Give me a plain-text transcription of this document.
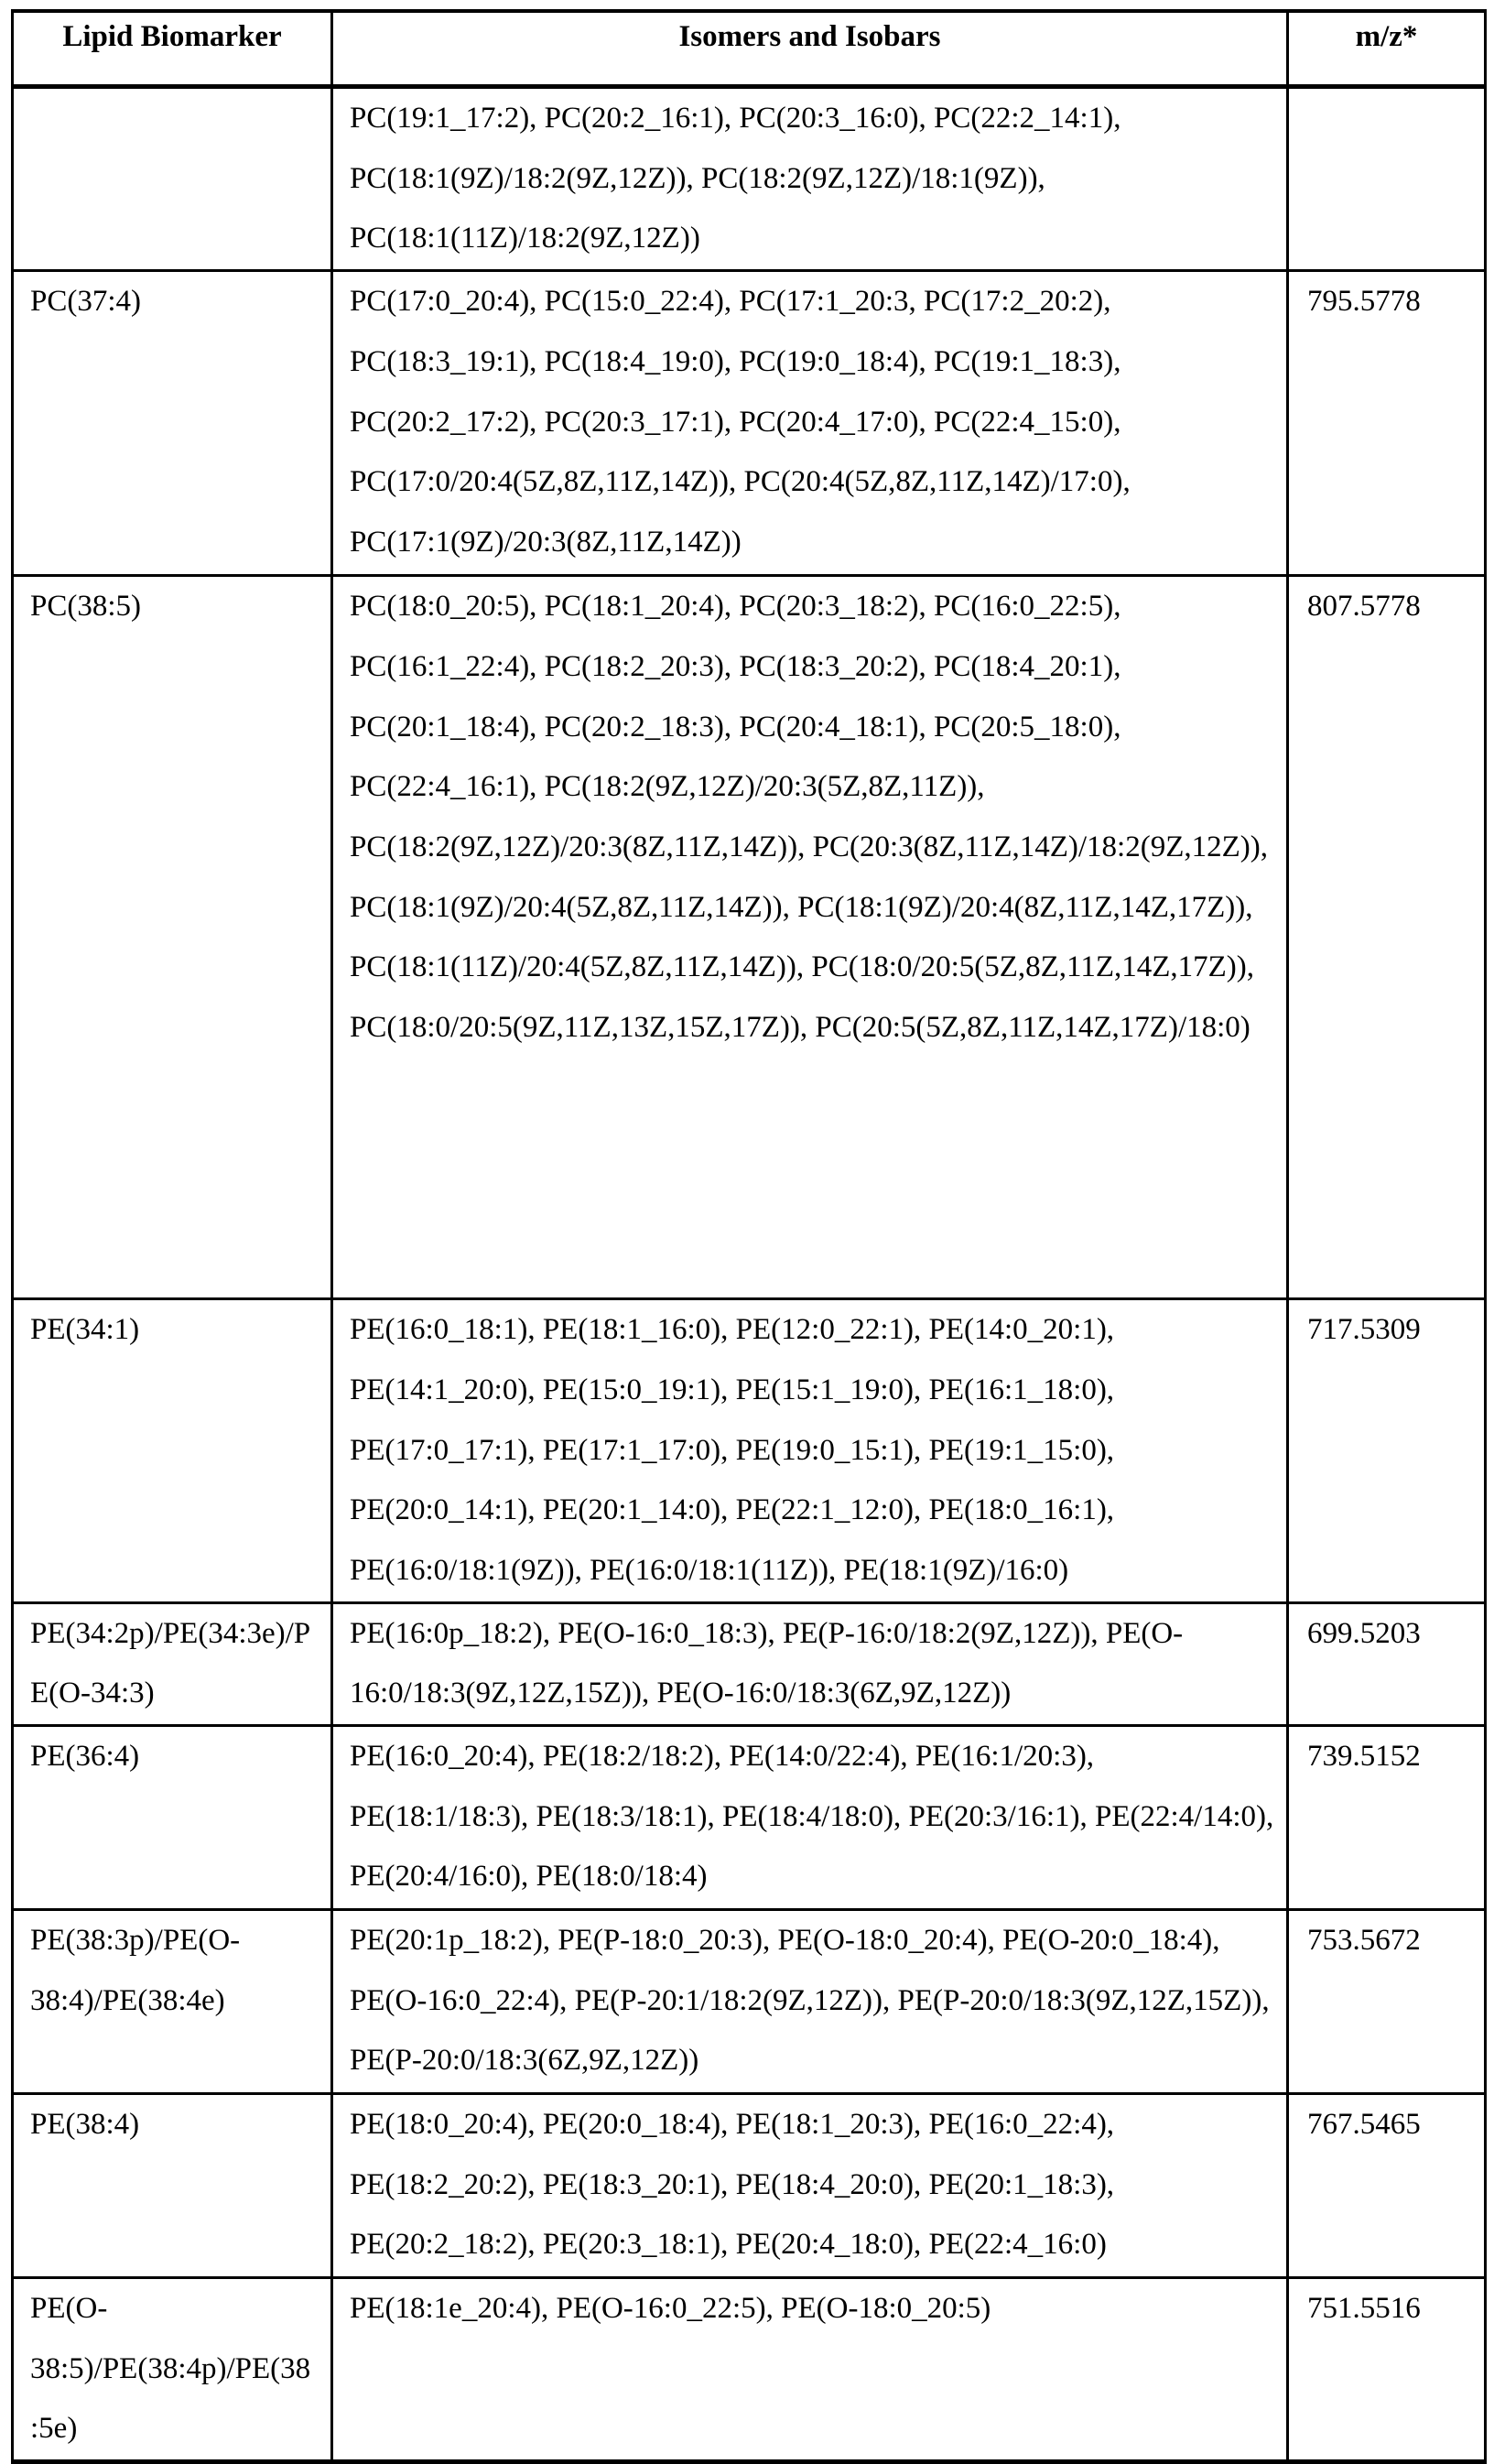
Lipid Biomarker	Isomers and Isobars	m/z*
	PC(19:1_17:2), PC(20:2_16:1), PC(20:3_16:0), PC(22:2_14:1), PC(18:1(9Z)/18:2(9Z,12Z)), PC(18:2(9Z,12Z)/18:1(9Z)), PC(18:1(11Z)/18:2(9Z,12Z))	
PC(37:4)	PC(17:0_20:4), PC(15:0_22:4), PC(17:1_20:3, PC(17:2_20:2), PC(18:3_19:1), PC(18:4_19:0), PC(19:0_18:4), PC(19:1_18:3), PC(20:2_17:2), PC(20:3_17:1), PC(20:4_17:0), PC(22:4_15:0), PC(17:0/20:4(5Z,8Z,11Z,14Z)), PC(20:4(5Z,8Z,11Z,14Z)/17:0), PC(17:1(9Z)/20:3(8Z,11Z,14Z))	795.5778
PC(38:5)	PC(18:0_20:5), PC(18:1_20:4), PC(20:3_18:2), PC(16:0_22:5), PC(16:1_22:4), PC(18:2_20:3), PC(18:3_20:2), PC(18:4_20:1), PC(20:1_18:4), PC(20:2_18:3), PC(20:4_18:1), PC(20:5_18:0), PC(22:4_16:1), PC(18:2(9Z,12Z)/20:3(5Z,8Z,11Z)), PC(18:2(9Z,12Z)/20:3(8Z,11Z,14Z)), PC(20:3(8Z,11Z,14Z)/18:2(9Z,12Z)), PC(18:1(9Z)/20:4(5Z,8Z,11Z,14Z)), PC(18:1(9Z)/20:4(8Z,11Z,14Z,17Z)), PC(18:1(11Z)/20:4(5Z,8Z,11Z,14Z)), PC(18:0/20:5(5Z,8Z,11Z,14Z,17Z)), PC(18:0/20:5(9Z,11Z,13Z,15Z,17Z)), PC(20:5(5Z,8Z,11Z,14Z,17Z)/18:0)	807.5778
PE(34:1)	PE(16:0_18:1), PE(18:1_16:0), PE(12:0_22:1), PE(14:0_20:1), PE(14:1_20:0), PE(15:0_19:1), PE(15:1_19:0), PE(16:1_18:0), PE(17:0_17:1), PE(17:1_17:0), PE(19:0_15:1), PE(19:1_15:0), PE(20:0_14:1), PE(20:1_14:0), PE(22:1_12:0), PE(18:0_16:1), PE(16:0/18:1(9Z)), PE(16:0/18:1(11Z)), PE(18:1(9Z)/16:0)	717.5309
PE(34:2p)/PE(34:3e)/PE(O-34:3)	PE(16:0p_18:2), PE(O-16:0_18:3), PE(P-16:0/18:2(9Z,12Z)), PE(O-16:0/18:3(9Z,12Z,15Z)), PE(O-16:0/18:3(6Z,9Z,12Z))	699.5203
PE(36:4)	PE(16:0_20:4), PE(18:2/18:2), PE(14:0/22:4), PE(16:1/20:3), PE(18:1/18:3), PE(18:3/18:1), PE(18:4/18:0), PE(20:3/16:1), PE(22:4/14:0), PE(20:4/16:0), PE(18:0/18:4)	739.5152
PE(38:3p)/PE(O-38:4)/PE(38:4e)	PE(20:1p_18:2), PE(P-18:0_20:3), PE(O-18:0_20:4), PE(O-20:0_18:4), PE(O-16:0_22:4), PE(P-20:1/18:2(9Z,12Z)), PE(P-20:0/18:3(9Z,12Z,15Z)), PE(P-20:0/18:3(6Z,9Z,12Z))	753.5672
PE(38:4)	PE(18:0_20:4), PE(20:0_18:4), PE(18:1_20:3), PE(16:0_22:4), PE(18:2_20:2), PE(18:3_20:1), PE(18:4_20:0), PE(20:1_18:3), PE(20:2_18:2), PE(20:3_18:1), PE(20:4_18:0), PE(22:4_16:0)	767.5465
PE(O-38:5)/PE(38:4p)/PE(38:5e)	PE(18:1e_20:4), PE(O-16:0_22:5), PE(O-18:0_20:5)	751.5516
